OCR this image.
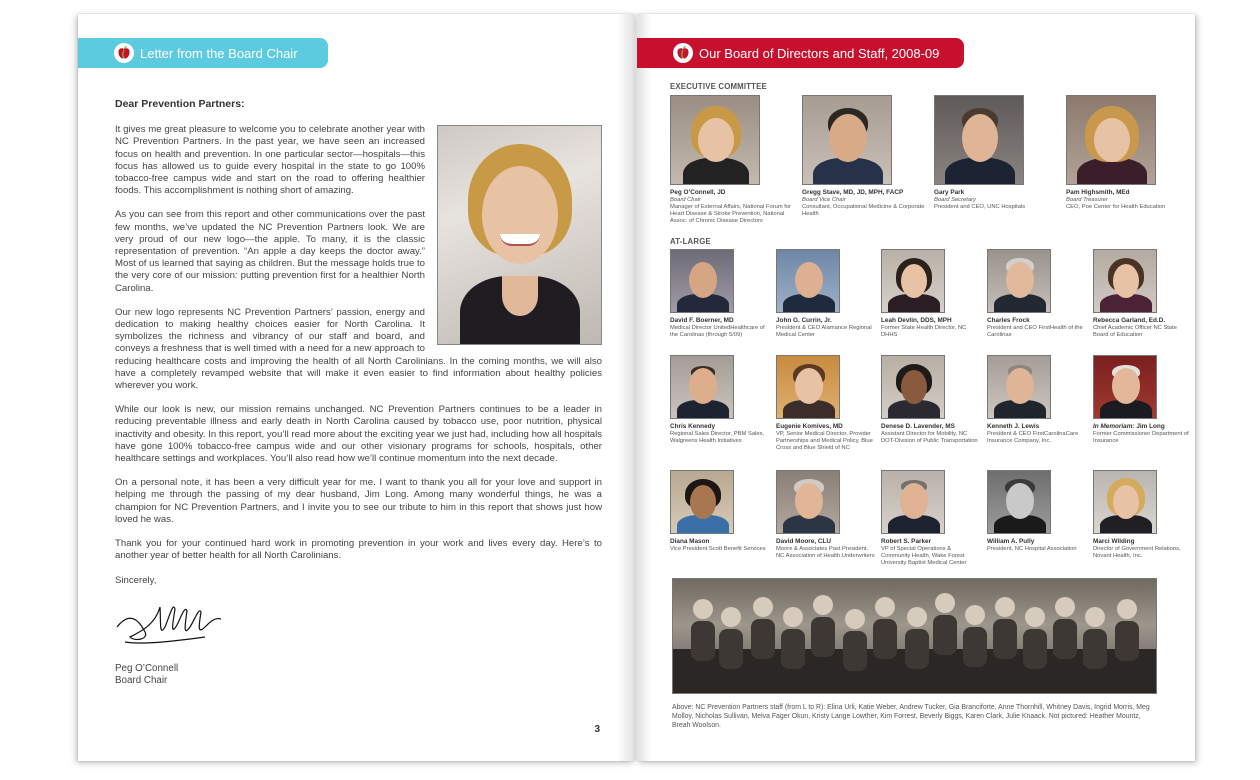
Letter from the Board Chair
Dear Prevention Partners:

It gives me great pleasure to welcome you to celebrate another year with NC Prevention Partners. In the past year, we have seen an increased focus on health and prevention. In one particular sector—hospitals—this focus has allowed us to guide every hospital in the state to go 100% tobacco-free campus wide and start on the road to offering healthier foods. This accomplishment is nothing short of amazing.

As you can see from this report and other communications over the past few months, we’ve updated the NC Prevention Partners look. We are very proud of our new logo—the apple. To many, it is the classic representation of prevention. “An apple a day keeps the doctor away.” Most of us learned that saying as children. But the message holds true to the very core of our mission: putting prevention first for a healthier North Carolina.

Our new logo represents NC Prevention Partners’ passion, energy and dedication to making healthy choices easier for North Carolina. It symbolizes the richness and vibrancy of our staff and board, and conveys a freshness that is well timed with a need for a new approach to reducing healthcare costs and improving the health of all North Carolinians. In the coming months, we will also have a completely revamped website that will make it even easier to find information about healthy policies wherever you work.

While our look is new, our mission remains unchanged. NC Prevention Partners continues to be a leader in reducing preventable illness and early death in North Carolina caused by tobacco use, poor nutrition, physical inactivity and obesity. In this report, you’ll read more about the exciting year we just had, including how all hospitals have gone 100% tobacco-free campus wide and our other visionary programs for schools, hospitals, other healthcare settings and workplaces. You’ll also read how we’ll continue momentum into the next decade.

On a personal note, it has been a very difficult year for me. I want to thank you all for your love and support in helping me through the passing of my dear husband, Jim Long. Among many wonderful things, he was a champion for NC Prevention Partners, and I invite you to see our tribute to him in this report that shows just how loved he was.

Thank you for your continued hard work in promoting prevention in your work and lives every day. Here’s to another year of better health for all North Carolinians.

Sincerely,
Peg O’Connell
Board Chair
3
Our Board of Directors and Staff, 2008-09
EXECUTIVE COMMITTEE
Peg O’Connell, JD
Board Chair
Manager of External Affairs, National Forum for Heart Disease & Stroke Prevention, National Assoc. of Chronic Disease Directors
Gregg Stave, MD, JD, MPH, FACP
Board Vice Chair
Consultant, Occupational Medicine & Corporate Health
Gary Park
Board Secretary
President and CEO, UNC Hospitals
Pam Highsmith, MEd
Board Treasurer
CEO, Poe Center for Health Education
AT-LARGE
David F. Boerner, MD
Medical Director UnitedHealthcare of the Carolinas (through 5/09)
John G. Currin, Jr.
President & CEO Alamance Regional Medical Center
Leah Devlin, DDS, MPH
Former State Health Director, NC DHHS
Charles Frock
President and CEO FirstHealth of the Carolinas
Rebecca Garland, Ed.D.
Chief Academic Officer NC State Board of Education
Chris Kennedy
Regional Sales Director, PBM Sales, Walgreens Health Initiatives
Eugenie Komives, MD
VP, Senior Medical Director, Provider Partnerships and Medical Policy, Blue Cross and Blue Shield of NC
Denese D. Lavender, MS
Assistant Director for Mobility, NC DOT-Division of Public Transportation
Kenneth J. Lewis
President & CEO FirstCarolinaCare Insurance Company, Inc.
In Memoriam: Jim Long
Former Commissioner Department of Insurance
Diana Mason
Vice President Scott Benefit Services
David Moore, CLU
Moore & Associates Past President, NC Association of Health Underwriters
Robert S. Parker
VP of Special Operations & Community Health, Wake Forest University Baptist Medical Center
William A. Pully
President, NC Hospital Association
Marci Wilding
Director of Government Relations, Novant Health, Inc.
Above: NC Prevention Partners staff (from L to R): Elina Urli, Katie Weber, Andrew Tucker, Gia Branciforte, Anne Thornhill, Whitney Davis, Ingrid Morris, Meg Molloy, Nicholas Sullivan, Melva Fager Okun, Kristy Lange Lowther, Kim Forrest, Beverly Biggs, Karen Clark, Julie Knaack. Not pictured: Heather Mountz, Breah Woolson.
